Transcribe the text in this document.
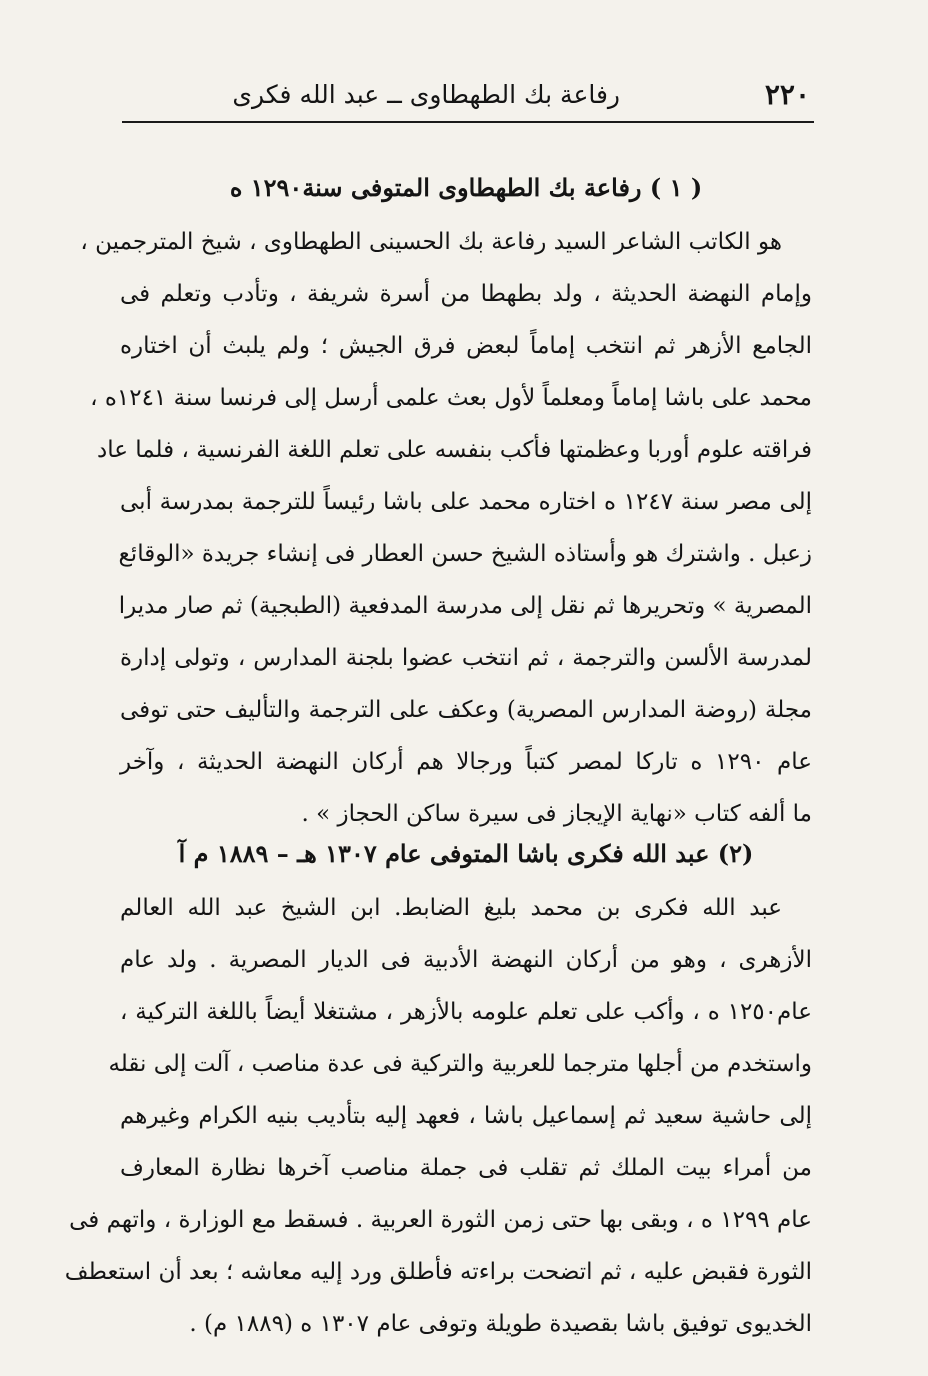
٢٢٠
رفاعة بك الطهطاوى ــ عبد الله فكرى
( ١ ) رفاعة بك الطهطاوى المتوفى سنة١٢٩٠ ه
هو الكاتب الشاعر السيد رفاعة بك الحسينى الطهطاوى ، شيخ المترجمين ،
وإمام النهضة الحديثة ، ولد بطهطا من أسرة شريفة ، وتأدب وتعلم فى
الجامع الأزهر ثم انتخب إماماً لبعض فرق الجيش ؛ ولم يلبث أن اختاره
محمد على باشا إماماً ومعلماً لأول بعث علمى أرسل إلى فرنسا سنة ١٢٤١ه ،
فراقته علوم أوربا وعظمتها فأكب بنفسه على تعلم اللغة الفرنسية ، فلما عاد
إلى مصر سنة ١٢٤٧ ه اختاره محمد على باشا رئيساً للترجمة بمدرسة أبى
زعبل . واشترك هو وأستاذه الشيخ حسن العطار فى إنشاء جريدة «الوقائع
المصرية » وتحريرها ثم نقل إلى مدرسة المدفعية (الطبجية) ثم صار مديرا
لمدرسة الألسن والترجمة ، ثم انتخب عضوا بلجنة المدارس ، وتولى إدارة
مجلة (روضة المدارس المصرية) وعكف على الترجمة والتأليف حتى توفى
عام ١٢٩٠ ه تاركا لمصر كتباً ورجالا هم أركان النهضة الحديثة ، وآخر
ما ألفه كتاب «نهاية الإيجاز فى سيرة ساكن الحجاز » .
(٢) عبد الله فكرى باشا المتوفى عام ١٣٠٧ هـ – ١٨٨٩ م آ
عبد الله فكرى بن محمد بليغ الضابط. ابن الشيخ عبد الله العالم
الأزهرى ، وهو من أركان النهضة الأدبية فى الديار المصرية . ولد عام
عام١٢٥٠ ه ، وأكب على تعلم علومه بالأزهر ، مشتغلا أيضاً باللغة التركية ،
واستخدم من أجلها مترجما للعربية والتركية فى عدة مناصب ، آلت إلى نقله
إلى حاشية سعيد ثم إسماعيل باشا ، فعهد إليه بتأديب بنيه الكرام وغيرهم
من أمراء بيت الملك ثم تقلب فى جملة مناصب آخرها نظارة المعارف
عام ١٢٩٩ ه ، وبقى بها حتى زمن الثورة العربية . فسقط مع الوزارة ، واتهم فى
الثورة فقبض عليه ، ثم اتضحت براءته فأطلق ورد إليه معاشه ؛ بعد أن استعطف
الخديوى توفيق باشا بقصيدة طويلة وتوفى عام ١٣٠٧ ه (١٨٨٩ م) .
